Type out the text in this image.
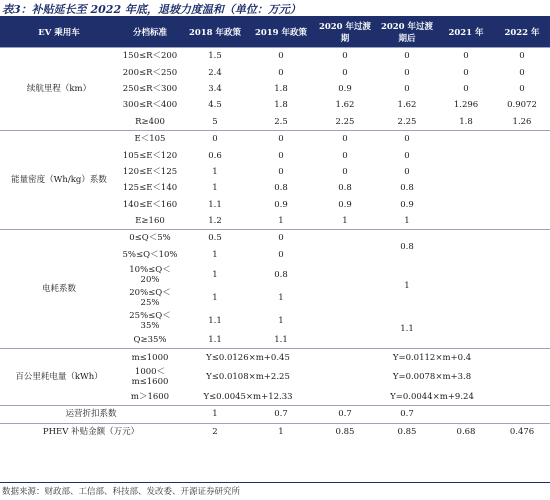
表3：补贴延长至 2022 年底，退坡力度温和（单位：万元）
EV 乘用车	分档标准	2018 年政策	2019 年政策	2020 年过渡期	2020 年过渡期后	2021 年	2022 年
续航里程（km）	150≤R＜200	1.5	0	0	0	0	0
	200≤R＜250	2.4	0	0	0	0	0
	250≤R＜300	3.4	1.8	0.9	0	0	0
	300≤R＜400	4.5	1.8	1.62	1.62	1.296	0.9072
	R≥400	5	2.5	2.25	2.25	1.8	1.26
能量密度（Wh/kg）系数	E＜105	0	0	0	0		
	105≤E＜120	0.6	0	0	0		
	120≤E＜125	1	0	0	0		
	125≤E＜140	1	0.8	0.8	0.8		
	140≤E＜160	1.1	0.9	0.9	0.9		
	E≥160	1.2	1	1	1		
电耗系数	0≤Q＜5%	0.5	0		0.8		
	5%≤Q＜10%	1	0				
	10%≤Q＜20%	1	0.8		1		
	20%≤Q＜25%	1	1				
	25%≤Q＜35%	1.1	1		1.1		
	Q≥35%	1.1	1.1				
百公里耗电量（kWh）	m≤1000	Y≤0.0126×m+0.45		Y=0.0112×m+0.4			
	1000＜m≤1600	Y≤0.0108×m+2.25		Y=0.0078×m+3.8			
	m＞1600	Y≤0.0045×m+12.33		Y=0.0044×m+9.24			
运营折扣系数		1	0.7	0.7	0.7		
PHEV 补贴金额（万元）		2	1	0.85	0.85	0.68	0.476
数据来源：财政部、工信部、科技部、发改委、开源证券研究所
